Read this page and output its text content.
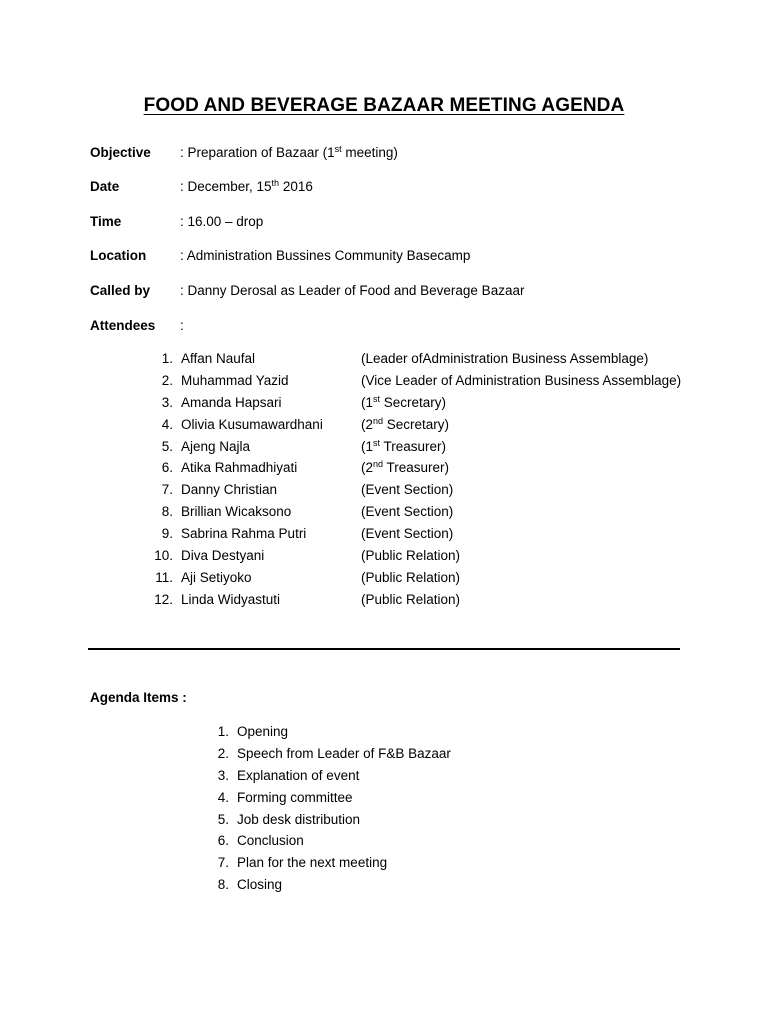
FOOD AND BEVERAGE BAZAAR MEETING AGENDA
Objective	: Preparation of Bazaar (1st meeting)
Date	: December, 15th 2016
Time	: 16.00 – drop
Location	: Administration Bussines Community Basecamp
Called by	: Danny Derosal as Leader of Food and Beverage Bazaar
Attendees	:
1. Affan Naufal	(Leader ofAdministration Business Assemblage)
2. Muhammad Yazid	(Vice Leader of Administration Business Assemblage)
3. Amanda Hapsari	(1st Secretary)
4. Olivia Kusumawardhani	(2nd Secretary)
5. Ajeng Najla	(1st Treasurer)
6. Atika Rahmadhiyati	(2nd Treasurer)
7. Danny Christian	(Event Section)
8. Brillian Wicaksono	(Event Section)
9. Sabrina Rahma Putri	(Event Section)
10. Diva Destyani	(Public Relation)
11. Aji Setiyoko	(Public Relation)
12. Linda Widyastuti	(Public Relation)
Agenda Items :
1. Opening
2. Speech from Leader of F&B Bazaar
3. Explanation of event
4. Forming committee
5. Job desk distribution
6. Conclusion
7. Plan for the next meeting
8. Closing
